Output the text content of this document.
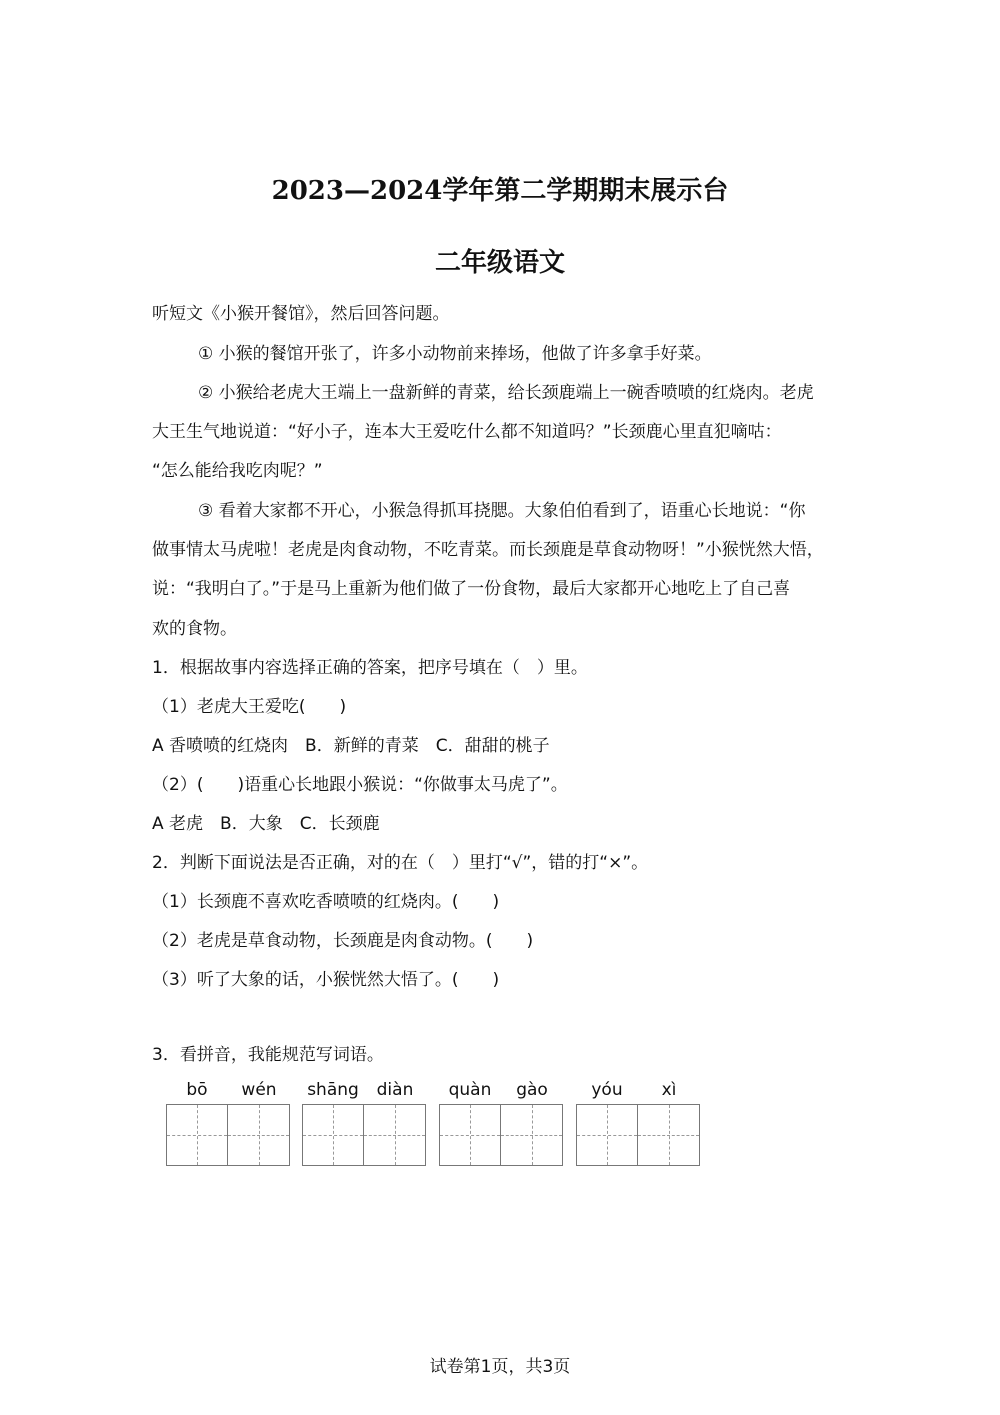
2023—2024学年第二学期期末展示台
二年级语文
听短文《小猴开餐馆》，然后回答问题。
① 小猴的餐馆开张了，许多小动物前来捧场，他做了许多拿手好菜。
② 小猴给老虎大王端上一盘新鲜的青菜，给长颈鹿端上一碗香喷喷的红烧肉。老虎
大王生气地说道：“好小子，连本大王爱吃什么都不知道吗？”长颈鹿心里直犯嘀咕：
“怎么能给我吃肉呢？”
③ 看着大家都不开心，小猴急得抓耳挠腮。大象伯伯看到了，语重心长地说：“你
做事情太马虎啦！老虎是肉食动物，不吃青菜。而长颈鹿是草食动物呀！”小猴恍然大悟，
说：“我明白了。”于是马上重新为他们做了一份食物，最后大家都开心地吃上了自己喜
欢的食物。
1．根据故事内容选择正确的答案，把序号填在（　）里。
（1）老虎大王爱吃(　　)
A 香喷喷的红烧肉　B．新鲜的青菜　C．甜甜的桃子
（2）(　　)语重心长地跟小猴说：“你做事太马虎了”。
A 老虎　B．大象　C．长颈鹿
2．判断下面说法是否正确，对的在（　）里打“√”，错的打“×”。
（1）长颈鹿不喜欢吃香喷喷的红烧肉。(　　)
（2）老虎是草食动物，长颈鹿是肉食动物。(　　)
（3）听了大象的话，小猴恍然大悟了。(　　)
3．看拼音，我能规范写词语。
bō	wén	shāng	diàn	quàn	gào	yóu	xì
试卷第1页，共3页
